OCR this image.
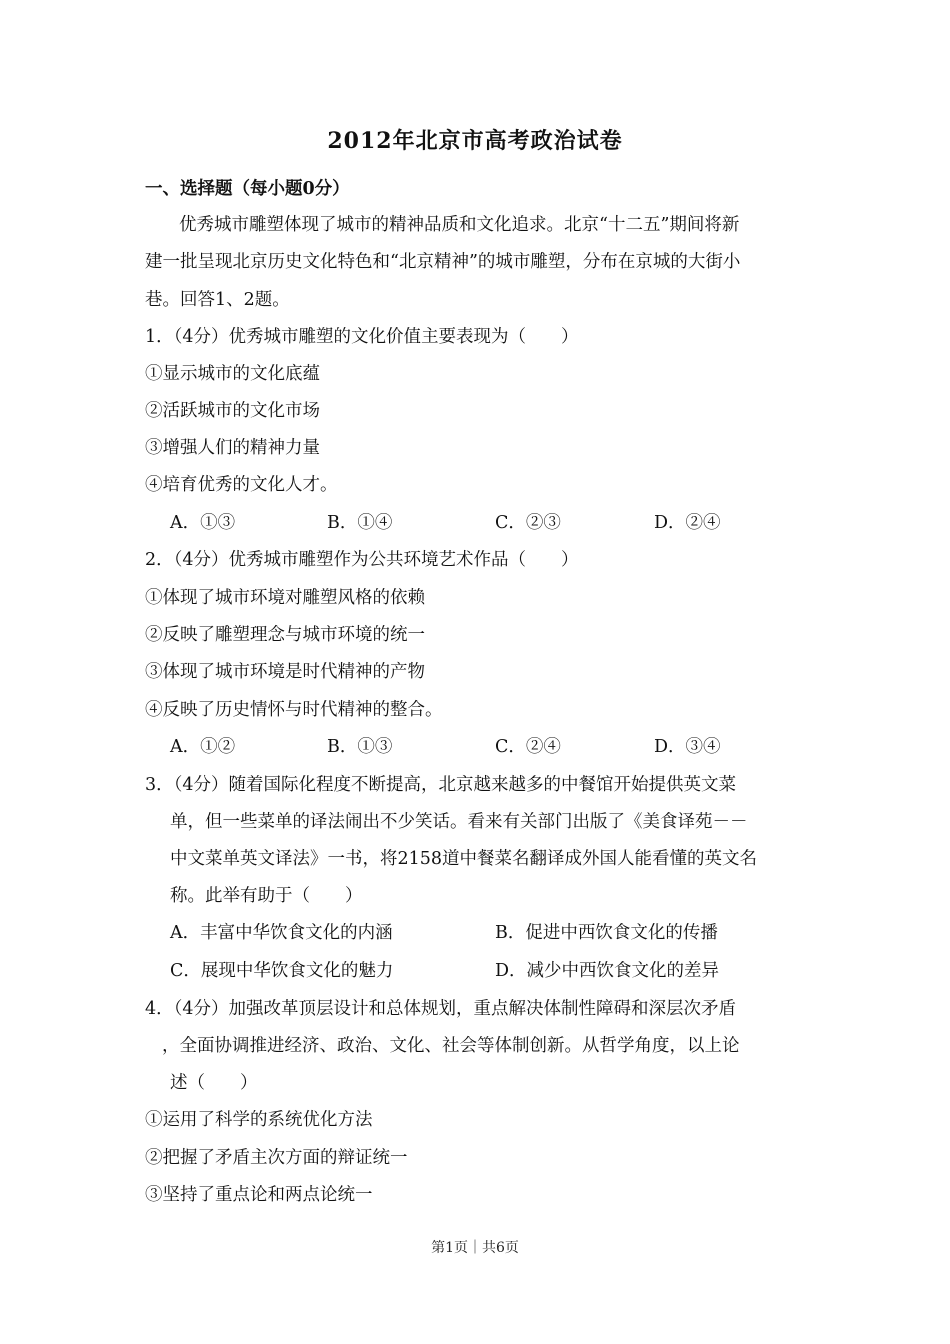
2012年北京市高考政治试卷
一、选择题（每小题0分）
优秀城市雕塑体现了城市的精神品质和文化追求。北京“十二五”期间将新
建一批呈现北京历史文化特色和“北京精神”的城市雕塑，分布在京城的大街小
巷。回答1、2题。
1．（4分）优秀城市雕塑的文化价值主要表现为（　　）
①显示城市的文化底蕴
②活跃城市的文化市场
③增强人们的精神力量
④培育优秀的文化人才。
A．①③	B．①④	C．②③	D．②④
2．（4分）优秀城市雕塑作为公共环境艺术作品（　　）
①体现了城市环境对雕塑风格的依赖
②反映了雕塑理念与城市环境的统一
③体现了城市环境是时代精神的产物
④反映了历史情怀与时代精神的整合。
A．①②	B．①③	C．②④	D．③④
3．（4分）随着国际化程度不断提高，北京越来越多的中餐馆开始提供英文菜
单，但一些菜单的译法闹出不少笑话。看来有关部门出版了《美食译苑－－
中文菜单英文译法》一书，将2158道中餐菜名翻译成外国人能看懂的英文名
称。此举有助于（　　）
A．丰富中华饮食文化的内涵	B．促进中西饮食文化的传播
C．展现中华饮食文化的魅力	D．减少中西饮食文化的差异
4．（4分）加强改革顶层设计和总体规划，重点解决体制性障碍和深层次矛盾
，全面协调推进经济、政治、文化、社会等体制创新。从哲学角度，以上论
述（　　）
①运用了科学的系统优化方法
②把握了矛盾主次方面的辩证统一
③坚持了重点论和两点论统一
第1页｜共6页
